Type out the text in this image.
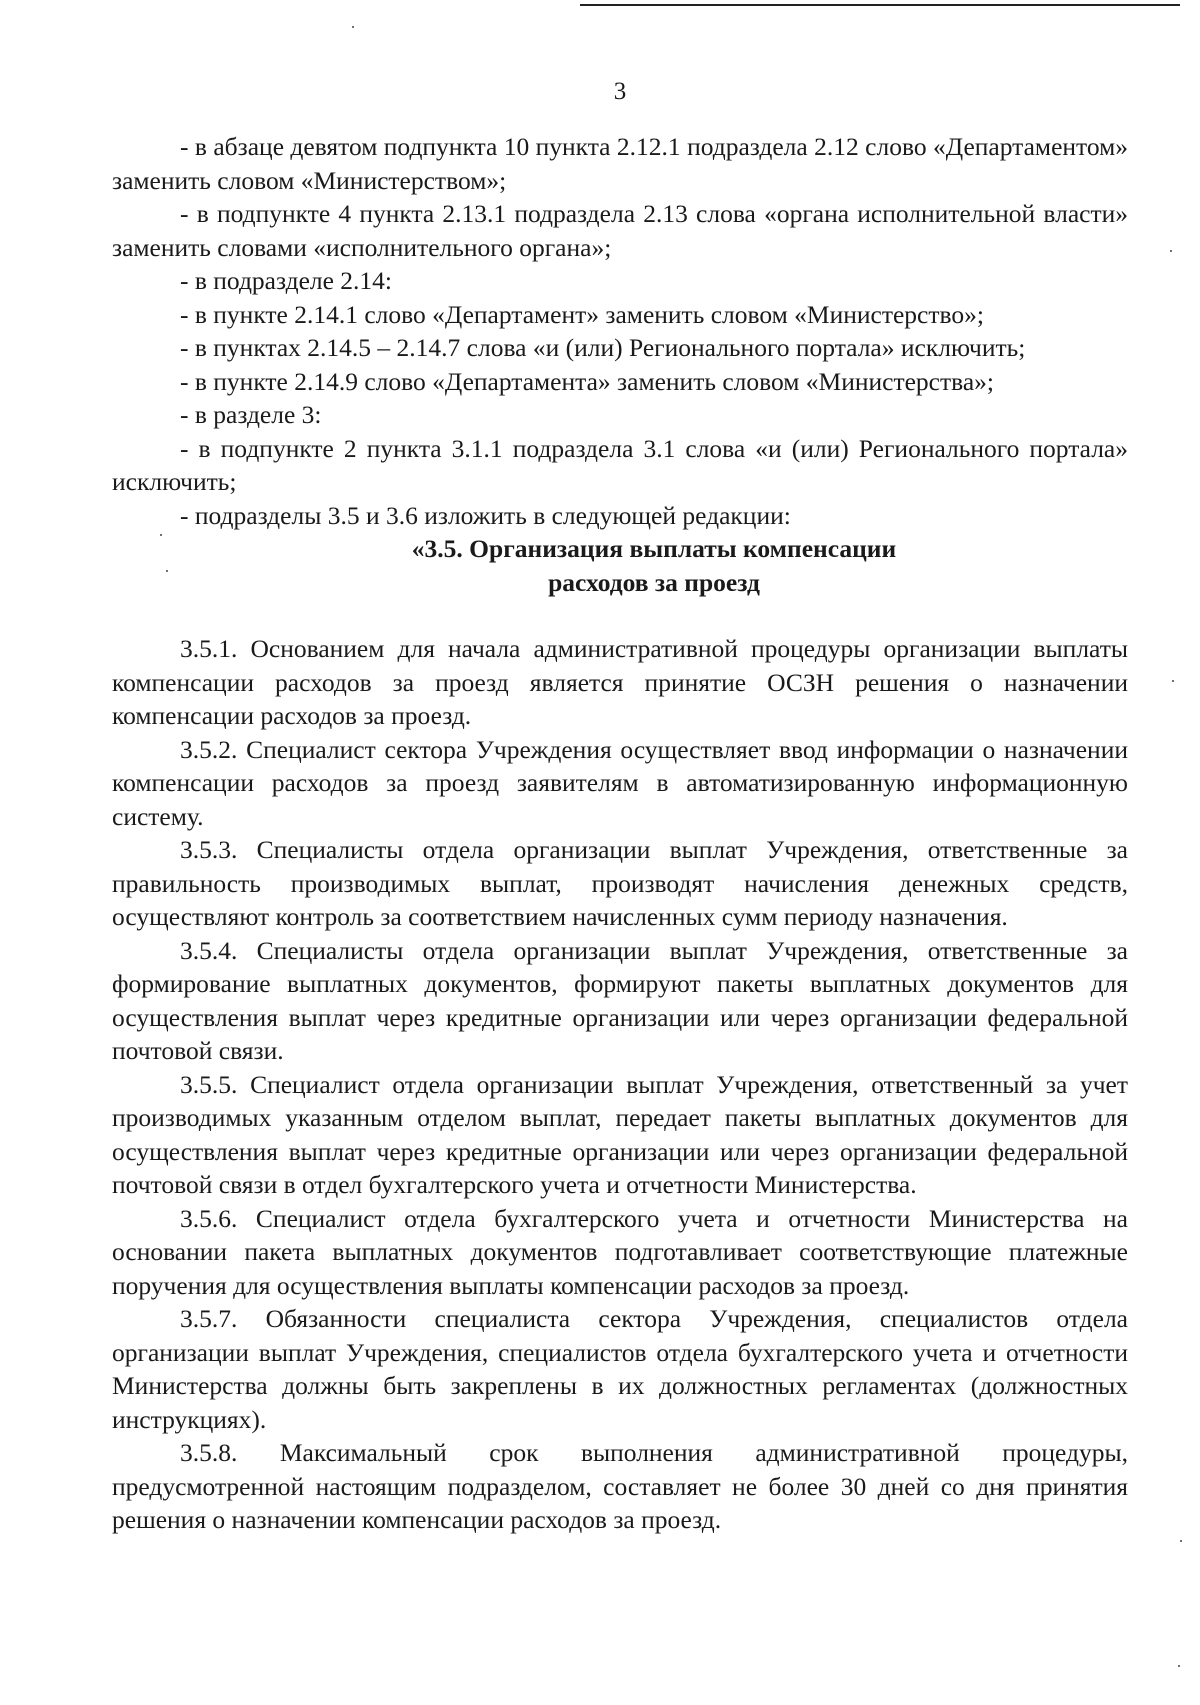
3

- в абзаце девятом подпункта 10 пункта 2.12.1 подраздела 2.12 слово «Департаментом» заменить словом «Министерством»;

- в подпункте 4 пункта 2.13.1 подраздела 2.13 слова «органа исполнительной власти» заменить словами «исполнительного органа»;

- в подразделе 2.14:

- в пункте 2.14.1 слово «Департамент» заменить словом «Министерство»;

- в пунктах 2.14.5 – 2.14.7 слова «и (или) Регионального портала» исключить;

- в пункте 2.14.9 слово «Департамента» заменить словом «Министерства»;

- в разделе 3:

- в подпункте 2 пункта 3.1.1 подраздела 3.1 слова «и (или) Регионального портала» исключить;

- подразделы 3.5 и 3.6 изложить в следующей редакции:

«3.5. Организация выплаты компенсации

расходов за проезд

3.5.1. Основанием для начала административной процедуры организации выплаты компенсации расходов за проезд является принятие ОСЗН решения о назначении компенсации расходов за проезд.

3.5.2. Специалист сектора Учреждения осуществляет ввод информации о назначении компенсации расходов за проезд заявителям в автоматизированную информационную систему.

3.5.3. Специалисты отдела организации выплат Учреждения, ответственные за правильность производимых выплат, производят начисления денежных средств, осуществляют контроль за соответствием начисленных сумм периоду назначения.

3.5.4. Специалисты отдела организации выплат Учреждения, ответственные за формирование выплатных документов, формируют пакеты выплатных документов для осуществления выплат через кредитные организации или через организации федеральной почтовой связи.

3.5.5. Специалист отдела организации выплат Учреждения, ответственный за учет производимых указанным отделом выплат, передает пакеты выплатных документов для осуществления выплат через кредитные организации или через организации федеральной почтовой связи в отдел бухгалтерского учета и отчетности Министерства.

3.5.6. Специалист отдела бухгалтерского учета и отчетности Министерства на основании пакета выплатных документов подготавливает соответствующие платежные поручения для осуществления выплаты компенсации расходов за проезд.

3.5.7. Обязанности специалиста сектора Учреждения, специалистов отдела организации выплат Учреждения, специалистов отдела бухгалтерского учета и отчетности Министерства должны быть закреплены в их должностных регламентах (должностных инструкциях).

3.5.8. Максимальный срок выполнения административной процедуры, предусмотренной настоящим подразделом, составляет не более 30 дней со дня принятия решения о назначении компенсации расходов за проезд.
